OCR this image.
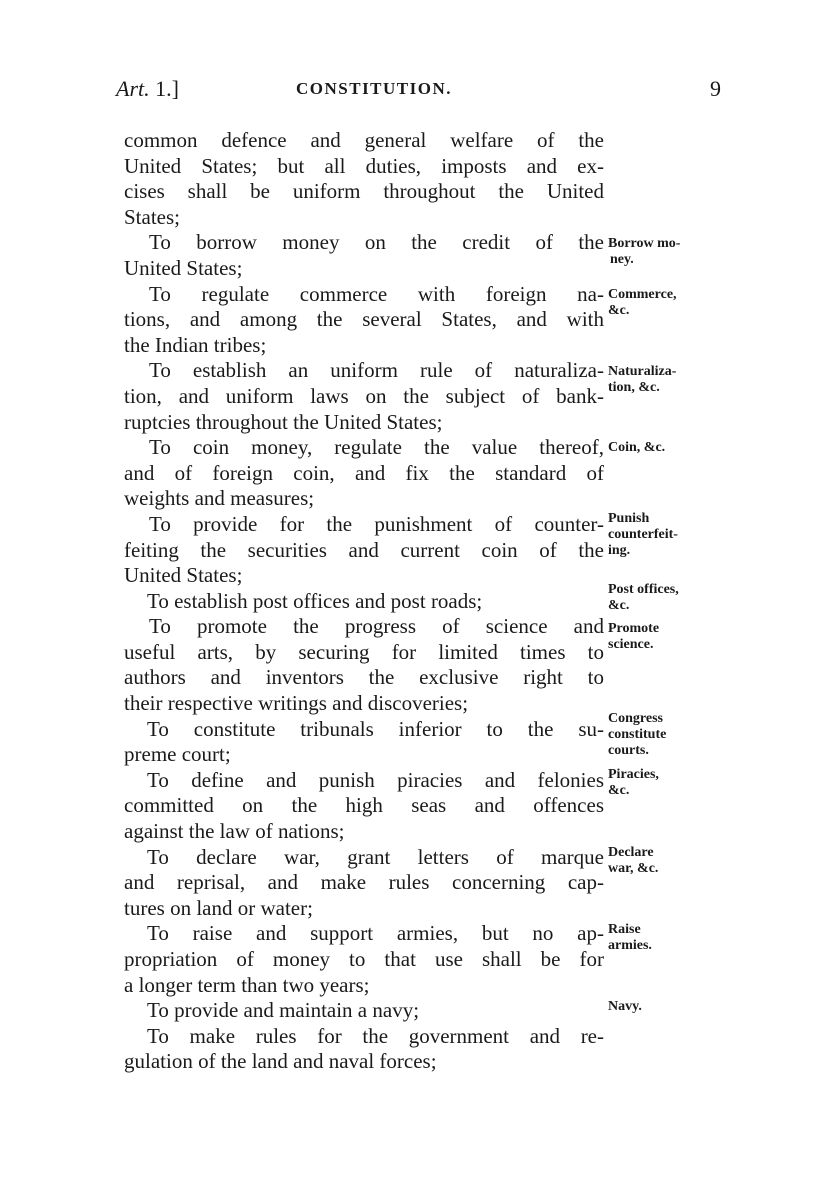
Art. 1.]	CONSTITUTION.	9
common defence and general welfare of the
United States; but all duties, imposts and ex-
cises shall be uniform throughout the United
States;
To borrow money on the credit of the
United States;
To regulate commerce with foreign na-
tions, and among the several States, and with
the Indian tribes;
To establish an uniform rule of naturaliza-
tion, and uniform laws on the subject of bank-
ruptcies throughout the United States;
To coin money, regulate the value thereof,
and of foreign coin, and fix the standard of
weights and measures;
To provide for the punishment of counter-
feiting the securities and current coin of the
United States;
To establish post offices and post roads;
To promote the progress of science and
useful arts, by securing for limited times to
authors and inventors the exclusive right to
their respective writings and discoveries;
To constitute tribunals inferior to the su-
preme court;
To define and punish piracies and felonies
committed on the high seas and offences
against the law of nations;
To declare war, grant letters of marque
and reprisal, and make rules concerning cap-
tures on land or water;
To raise and support armies, but no ap-
propriation of money to that use shall be for
a longer term than two years;
To provide and maintain a navy;
To make rules for the government and re-
gulation of the land and naval forces;
Borrow mo-
ney.
Commerce,
&c.
Naturaliza-
tion, &c.
Coin, &c.
Punish
counterfeit-
ing.
Post offices,
&c.
Promote
science.
Congress
constitute
courts.
Piracies,
&c.
Declare
war, &c.
Raise
armies.
Navy.
